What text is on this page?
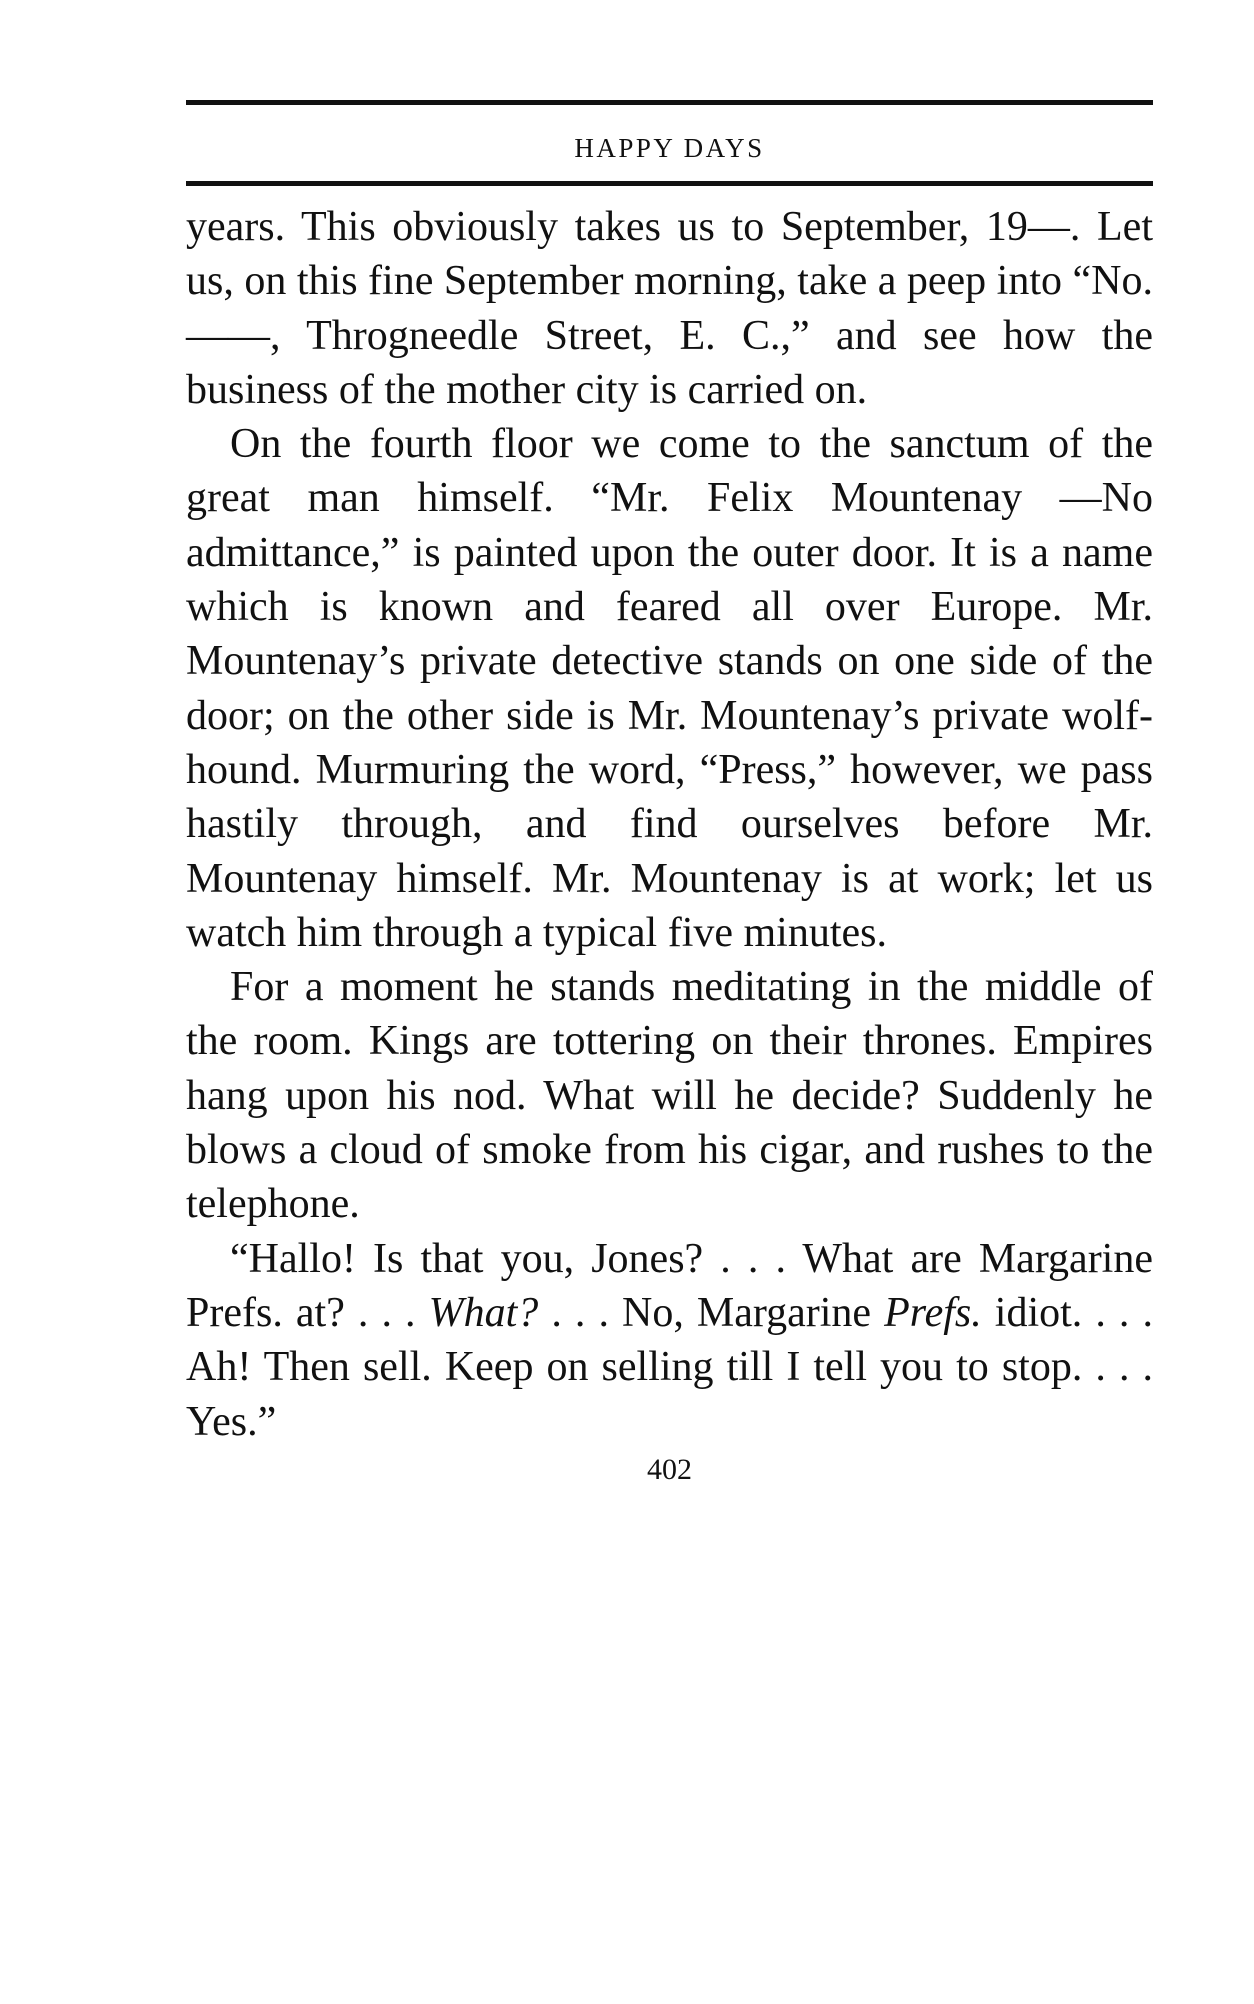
HAPPY DAYS

years. This obviously takes us to September, 19—. Let us, on this fine September morning, take a peep into “No. ——, Throgneedle Street, E. C.,” and see how the business of the mother city is carried on.

On the fourth floor we come to the sanctum of the great man himself. “Mr. Felix Mountenay —No admittance,” is painted upon the outer door. It is a name which is known and feared all over Europe. Mr. Mountenay’s private detective stands on one side of the door; on the other side is Mr. Mountenay’s private wolfhound. Murmuring the word, “Press,” however, we pass hastily through, and find ourselves before Mr. Mountenay himself. Mr. Mountenay is at work; let us watch him through a typical five minutes.

For a moment he stands meditating in the middle of the room. Kings are tottering on their thrones. Empires hang upon his nod. What will he decide? Suddenly he blows a cloud of smoke from his cigar, and rushes to the telephone.

“Hallo! Is that you, Jones? . . . What are Margarine Prefs. at? . . . What? . . . No, Margarine Prefs. idiot. . . . Ah! Then sell. Keep on selling till I tell you to stop. . . . Yes.”

402
